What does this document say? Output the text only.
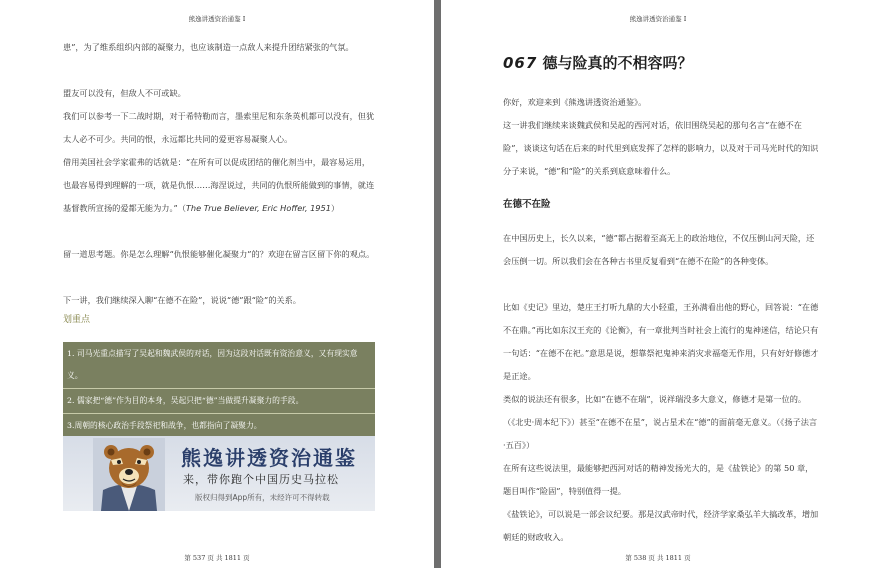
熊逸讲透资治通鉴 I

患”，为了维系组织内部的凝聚力，也应该制造一点敌人来提升团结紧张的气氛。

盟友可以没有，但敌人不可或缺。

我们可以参考一下二战时期，对于希特勒而言，墨索里尼和东条英机都可以没有，但犹太人必不可少。共同的恨，永远都比共同的爱更容易凝聚人心。

借用美国社会学家霍弗的话就是：“在所有可以促成团结的催化剂当中，最容易运用，也最容易得到理解的一项，就是仇恨……海涅说过，共同的仇恨所能做到的事情，就连基督教所宣扬的爱都无能为力。”（The True Believer, Eric Hoffer, 1951）

留一道思考题。你是怎么理解“仇恨能够催化凝聚力”的？欢迎在留言区留下你的观点。

下一讲，我们继续深入聊“在德不在险”，说说“德”跟“险”的关系。

划重点
1. 司马光重点描写了吴起和魏武侯的对话，因为这段对话既有资治意义，又有现实意义。
2. 儒家把“德”作为目的本身，吴起只把“德”当做提升凝聚力的手段。
3.周朝的核心政治手段祭祀和战争，也都指向了凝聚力。
熊逸讲透资治通鉴
来，带你跑个中国历史马拉松
版权归得到App所有，未经许可不得转载
第 537 页 共 1811 页
熊逸讲透资治通鉴 I
第 538 页 共 1811 页
067 德与险真的不相容吗？

你好，欢迎来到《熊逸讲透资治通鉴》。

这一讲我们继续来谈魏武侯和吴起的西河对话，依旧围绕吴起的那句名言“在德不在险”，谈谈这句话在后来的时代里到底发挥了怎样的影响力，以及对于司马光时代的知识分子来说，“德”和“险”的关系到底意味着什么。

在德不在险

在中国历史上，长久以来，“德”都占据着至高无上的政治地位，不仅压倒山河天险，还会压倒一切。所以我们会在各种古书里反复看到“在德不在险”的各种变体。

比如《史记》里边，楚庄王打听九鼎的大小轻重，王孙满看出他的野心，回答说：“在德不在鼎。”再比如东汉王充的《论衡》，有一章批判当时社会上流行的鬼神迷信，结论只有一句话：“在德不在祀。”意思是说，想靠祭祀鬼神来消灾求福毫无作用，只有好好修德才是正途。

类似的说法还有很多，比如“在德不在瑞”，说祥瑞没多大意义，修德才是第一位的。（《北史·周本纪下》）甚至“在德不在星”，说占星术在“德”的面前毫无意义。（《扬子法言·五百》）

在所有这些说法里，最能够把西河对话的精神发扬光大的，是《盐铁论》的第 50 章，题目叫作“险固”，特别值得一提。

《盐铁论》，可以说是一部会议纪要。那是汉武帝时代，经济学家桑弘羊大搞改革，增加朝廷的财政收入。
